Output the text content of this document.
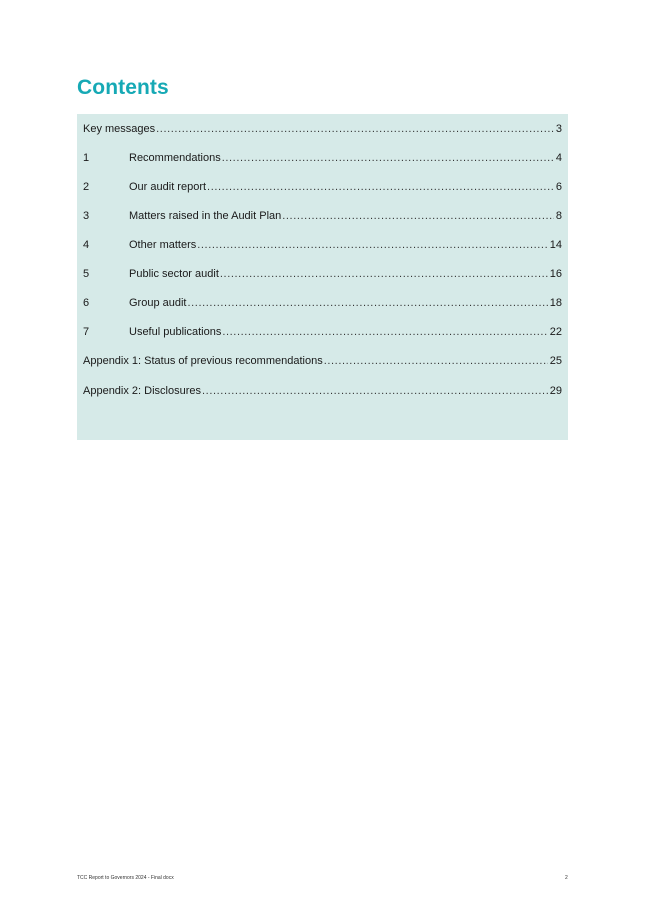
Contents
Key messages .....	3
1	Recommendations .....	4
2	Our audit report .....	6
3	Matters raised in the Audit Plan .....	8
4	Other matters .....	14
5	Public sector audit .....	16
6	Group audit .....	18
7	Useful publications .....	22
Appendix 1: Status of previous recommendations .....	25
Appendix 2: Disclosures .....	29
TCC Report to Governors 2024 - Final docx	2
